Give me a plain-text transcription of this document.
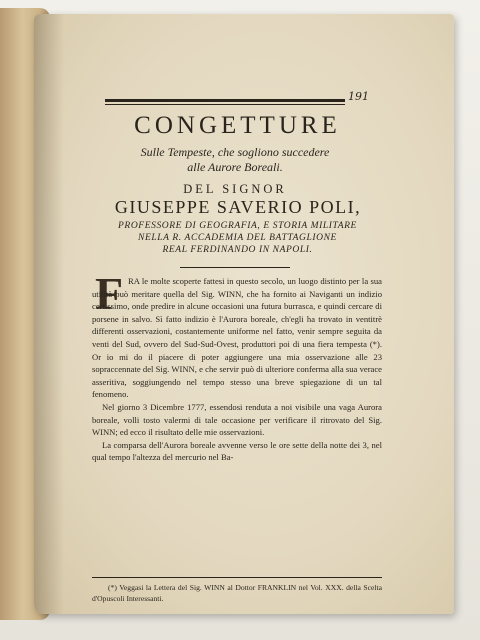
191
CONGETTURE
Sulle Tempeste, che sogliono succedere
alle Aurore Boreali.
DEL SIGNOR
GIUSEPPE SAVERIO POLI,
PROFESSORE DI GEOGRAFIA, E STORIA MILITARE
NELLA R. ACCADEMIA DEL BATTAGLIONE
REAL FERDINANDO IN NAPOLI.
F RA le molte scoperte fattesi in questo secolo, un luogo distinto per la sua utilità può meritare quella del Sig. WINN, che ha fornito ai Naviganti un indizio certissimo, onde predire in alcune occasioni una futura burrasca, e quindi cercare di porsene in salvo. Sì fatto indizio è l'Aurora boreale, ch'egli ha trovato in ventitrè differenti osservazioni, costantemente uniforme nel fatto, venir sempre seguita da venti del Sud, ovvero del Sud-Sud-Ovest, produttori poi di una fiera tempesta (*). Or io mi do il piacere di poter aggiungere una mia osservazione alle 23 sopraccennate del Sig. WINN, e che servir può di ulteriore conferma alla sua verace asseritiva, soggiungendo nel tempo stesso una breve spiegazione di un tal fenomeno.

Nel giorno 3 Dicembre 1777, essendosi renduta a noi visibile una vaga Aurora boreale, volli tosto valermi di tale occasione per verificare il ritrovato del Sig. WINN; ed ecco il risultato delle mie osservazioni.

La comparsa dell'Aurora boreale avvenne verso le ore sette della notte dei 3, nel qual tempo l'altezza del mercurio nel Ba-

(*) Veggasi la Lettera del Sig. WINN al Dottor FRANKLIN nel Vol. XXX. della Scelta d'Opuscoli Interessanti.
